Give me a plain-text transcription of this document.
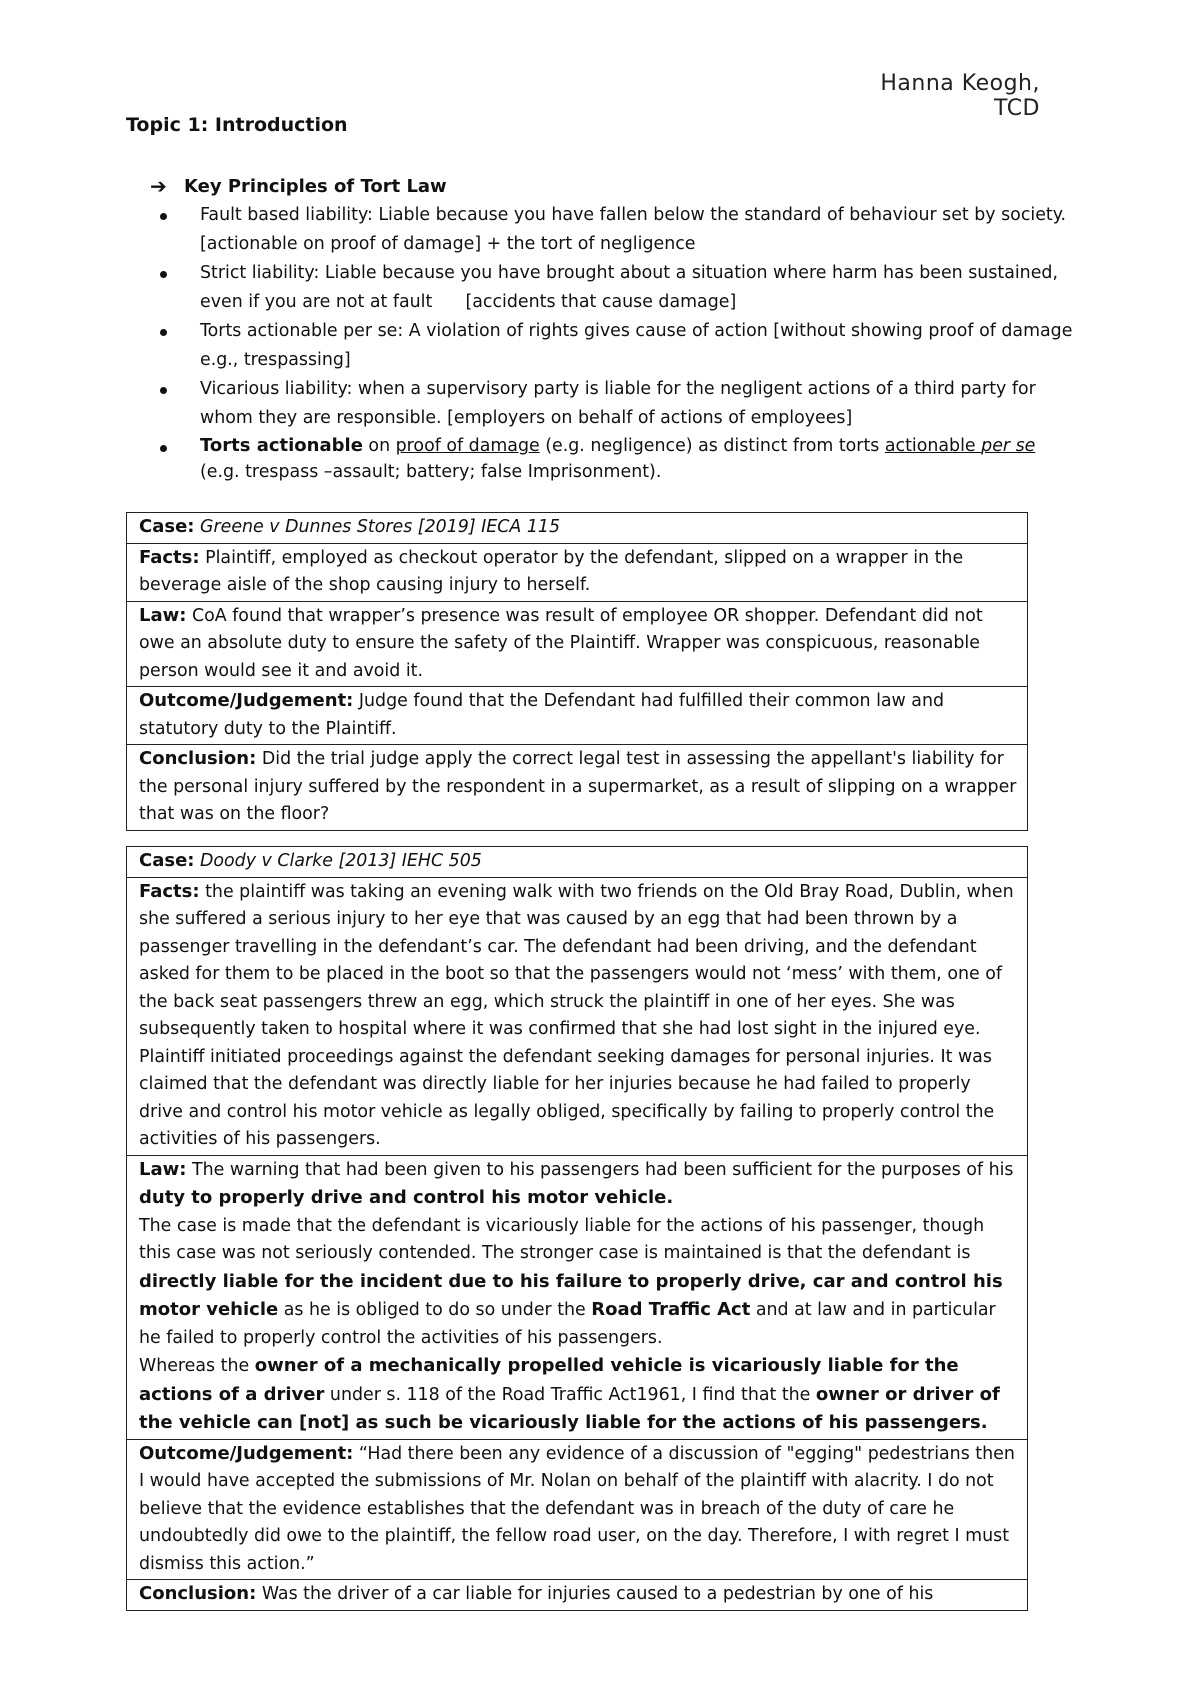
Hanna Keogh, TCD
Topic 1: Introduction
➔ Key Principles of Tort Law
Fault based liability: Liable because you have fallen below the standard of behaviour set by society. [actionable on proof of damage] + the tort of negligence
Strict liability: Liable because you have brought about a situation where harm has been sustained, even if you are not at fault      [accidents that cause damage]
Torts actionable per se: A violation of rights gives cause of action [without showing proof of damage e.g., trespassing]
Vicarious liability: when a supervisory party is liable for the negligent actions of a third party for whom they are responsible. [employers on behalf of actions of employees]
Torts actionable on proof of damage (e.g. negligence) as distinct from torts actionable per se (e.g. trespass –assault; battery; false Imprisonment).
Case: Greene v Dunnes Stores [2019] IECA 115
Facts: Plaintiff, employed as checkout operator by the defendant, slipped on a wrapper in the beverage aisle of the shop causing injury to herself.
Law: CoA found that wrapper’s presence was result of employee OR shopper. Defendant did not owe an absolute duty to ensure the safety of the Plaintiff. Wrapper was conspicuous, reasonable person would see it and avoid it.
Outcome/Judgement: Judge found that the Defendant had fulfilled their common law and statutory duty to the Plaintiff.
Conclusion: Did the trial judge apply the correct legal test in assessing the appellant's liability for the personal injury suffered by the respondent in a supermarket, as a result of slipping on a wrapper that was on the floor?
Case: Doody v Clarke [2013] IEHC 505
Facts: the plaintiff was taking an evening walk with two friends on the Old Bray Road, Dublin, when she suffered a serious injury to her eye that was caused by an egg that had been thrown by a passenger travelling in the defendant’s car. The defendant had been driving, and the defendant asked for them to be placed in the boot so that the passengers would not ‘mess’ with them, one of the back seat passengers threw an egg, which struck the plaintiff in one of her eyes. She was subsequently taken to hospital where it was confirmed that she had lost sight in the injured eye. Plaintiff initiated proceedings against the defendant seeking damages for personal injuries. It was claimed that the defendant was directly liable for her injuries because he had failed to properly drive and control his motor vehicle as legally obliged, specifically by failing to properly control the activities of his passengers.

Law: The warning that had been given to his passengers had been sufficient for the purposes of his duty to properly drive and control his motor vehicle.
The case is made that the defendant is vicariously liable for the actions of his passenger, though this case was not seriously contended. The stronger case is maintained is that the defendant is directly liable for the incident due to his failure to properly drive, car and control his motor vehicle as he is obliged to do so under the Road Traffic Act and at law and in particular he failed to properly control the activities of his passengers.
Whereas the owner of a mechanically propelled vehicle is vicariously liable for the actions of a driver under s. 118 of the Road Traffic Act1961, I find that the owner or driver of the vehicle can [not] as such be vicariously liable for the actions of his passengers.

Outcome/Judgement: “Had there been any evidence of a discussion of "egging" pedestrians then I would have accepted the submissions of Mr. Nolan on behalf of the plaintiff with alacrity. I do not believe that the evidence establishes that the defendant was in breach of the duty of care he undoubtedly did owe to the plaintiff, the fellow road user, on the day. Therefore, I with regret I must dismiss this action.”
Conclusion: Was the driver of a car liable for injuries caused to a pedestrian by one of his
